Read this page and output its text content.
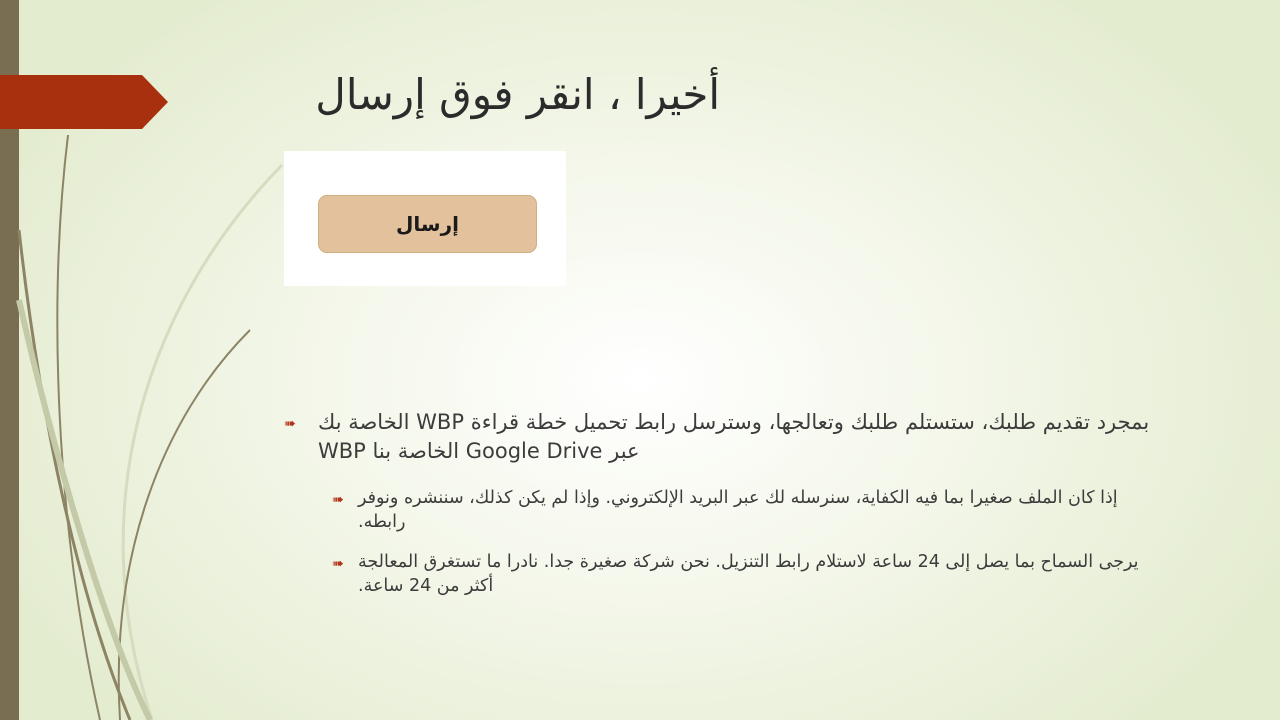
أخيرا ، انقر فوق إرسال
إرسال
➠ بمجرد تقديم طلبك، ستستلم طلبك وتعالجها، وسترسل رابط تحميل خطة قراءة WBP الخاصة بك عبر Google Drive الخاصة بنا WBP
➠ إذا كان الملف صغيرا بما فيه الكفاية، سنرسله لك عبر البريد الإلكتروني. وإذا لم يكن كذلك، سننشره ونوفر رابطه.
➠ يرجى السماح بما يصل إلى 24 ساعة لاستلام رابط التنزيل. نحن شركة صغيرة جدا. نادرا ما تستغرق المعالجة أكثر من 24 ساعة.
